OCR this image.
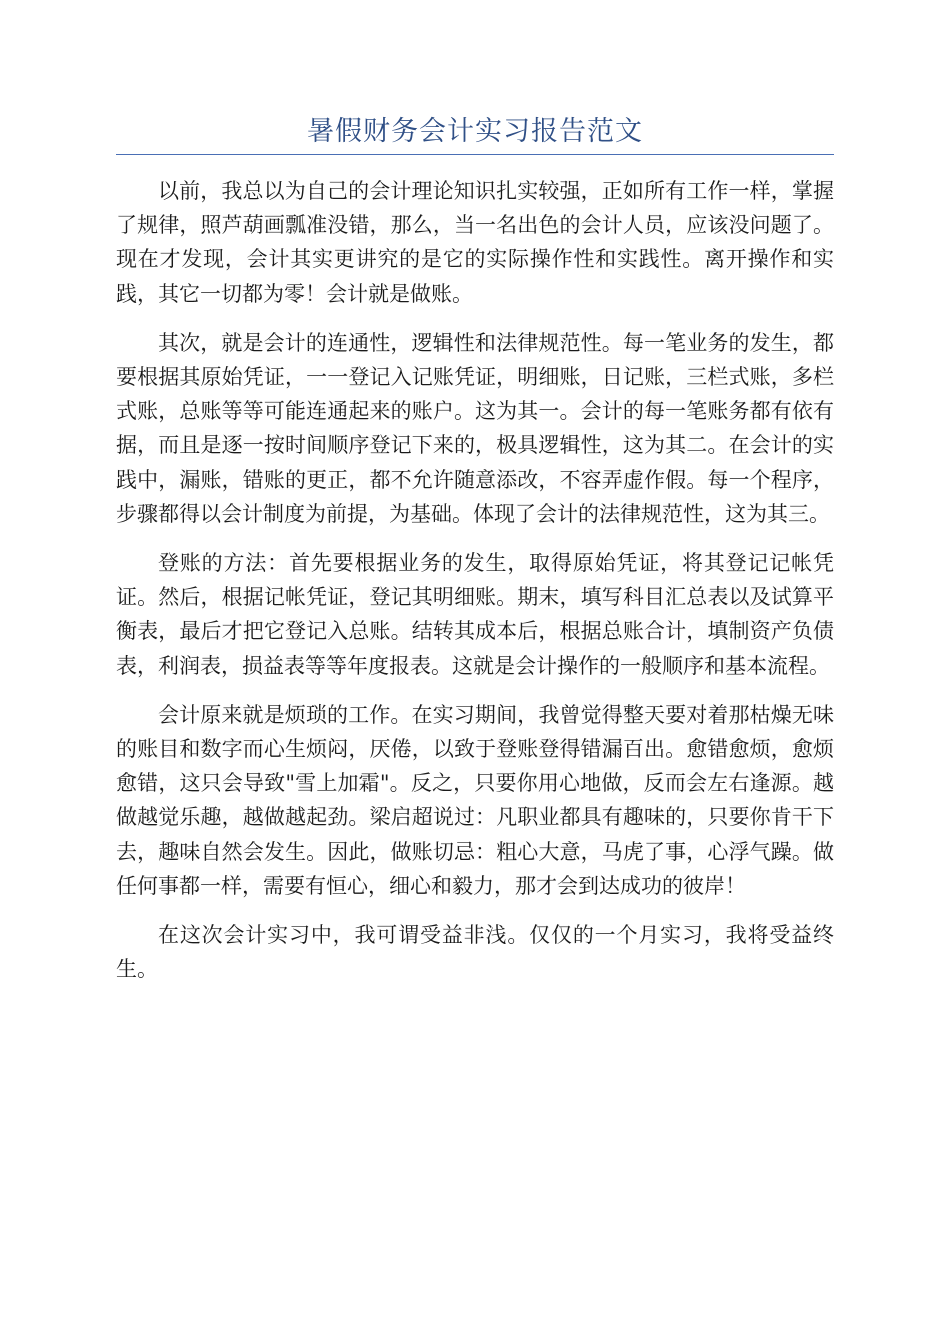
暑假财务会计实习报告范文

以前，我总以为自己的会计理论知识扎实较强，正如所有工作一样，掌握了规律，照芦葫画瓢准没错，那么，当一名出色的会计人员，应该没问题了。现在才发现，会计其实更讲究的是它的实际操作性和实践性。离开操作和实践，其它一切都为零！会计就是做账。

其次，就是会计的连通性，逻辑性和法律规范性。每一笔业务的发生，都要根据其原始凭证，一一登记入记账凭证，明细账，日记账，三栏式账，多栏式账，总账等等可能连通起来的账户。这为其一。会计的每一笔账务都有依有据，而且是逐一按时间顺序登记下来的，极具逻辑性，这为其二。在会计的实践中，漏账，错账的更正，都不允许随意添改，不容弄虚作假。每一个程序，步骤都得以会计制度为前提，为基础。体现了会计的法律规范性，这为其三。

登账的方法：首先要根据业务的发生，取得原始凭证，将其登记记帐凭证。然后，根据记帐凭证，登记其明细账。期末，填写科目汇总表以及试算平衡表，最后才把它登记入总账。结转其成本后，根据总账合计，填制资产负债表，利润表，损益表等等年度报表。这就是会计操作的一般顺序和基本流程。

会计原来就是烦琐的工作。在实习期间，我曾觉得整天要对着那枯燥无味的账目和数字而心生烦闷，厌倦，以致于登账登得错漏百出。愈错愈烦，愈烦愈错，这只会导致"雪上加霜"。反之，只要你用心地做，反而会左右逢源。越做越觉乐趣，越做越起劲。梁启超说过：凡职业都具有趣味的，只要你肯干下去，趣味自然会发生。因此，做账切忌：粗心大意，马虎了事，心浮气躁。做任何事都一样，需要有恒心，细心和毅力，那才会到达成功的彼岸！

在这次会计实习中，我可谓受益非浅。仅仅的一个月实习，我将受益终生。
